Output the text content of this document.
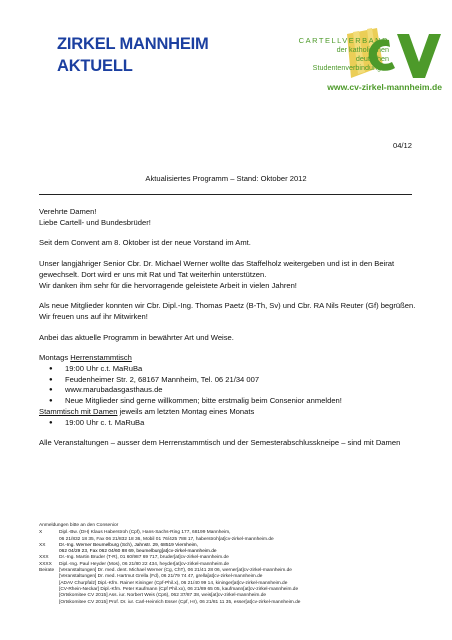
ZIRKEL MANNHEIM
AKTUELL
CARTELLVERBAND
der katholischen
deutschen
Studentenverbindungen
www.cv-zirkel-mannheim.de
04/12
Aktualisiertes Programm – Stand: Oktober 2012

Verehrte Damen!
Liebe Cartell- und Bundesbrüder!

Seit dem Convent am 8. Oktober ist der neue Vorstand im Amt.

Unser langjähriger Senior Cbr. Dr. Michael Werner wollte das Staffelholz weitergeben und ist in den Beirat gewechselt. Dort wird er uns mit Rat und Tat weiterhin unterstützen.
Wir danken ihm sehr für die hervorragende geleistete Arbeit in vielen Jahren!

Als neue Mitglieder konnten wir Cbr. Dipl.-Ing. Thomas Paetz (B-Th, Sv) und Cbr. RA Nils Reuter (Gf) begrüßen. Wir freuen uns auf ihr Mitwirken!

Anbei das aktuelle Programm in bewährter Art und Weise.

Montags Herrenstammtisch
● 19:00 Uhr c.t. MaRuBa
● Feudenheimer Str. 2, 68167 Mannheim, Tel. 06 21/34 007
● www.marubadasgasthaus.de
● Neue Mitglieder sind gerne willkommen; bitte erstmalig beim Consenior anmelden!
Stammtisch mit Damen jeweils am letzten Montag eines Monats
● 19:00 Uhr c. t. MaRuBa

Alle Veranstaltungen – ausser dem Herrenstammtisch und der Semesterabschlusskneipe – sind mit Damen

Anmeldungen bitte an den Consenior
X	Dipl.-Bw. (DH) Klaus Haberstroh (Cpf), Hans-Sachs-Ring 177, 68199 Mannheim,
06 21/832 18 35, Fax 06 21/832 18 36, Mobil 01 76/425 788 17, haberstroh[at]cv-zirkel-mannheim.de
XX	Dr.-Ing. Werner Beumelburg (Sch), Jahnstr. 29, 68519 Viernheim,
062 04/29 23, Fax 062 04/60 88 69, beumelburg[at]cv-zirkel-mannheim.de
XXX	Dr.-Ing. Martin Bruder (T-R), 01 60/987 69 717, bruder[at]cv-zirkel-mannheim.de
XXXX	Dipl.-Ing. Paul Heyder (Mos), 06 21/80 22 434, heyder[at]cv-zirkel-mannheim.de
Beirate [Veranstaltungen] Dr. med. dent. Michael Werner (Cg, ChT), 06 21/41 28 06, werner[at]cv-zirkel-mannheim.de
[Veranstaltungen] Dr. med. Hartmut Grella (Fd), 06 21/79 74 47, grella[at]cv-zirkel-mannheim.de
[ADAV Churpfalz] Dipl.-Kfm. Rainer Kininger (Cpf-Phil.x), 06 21/40 99 14, kininger[at]cv-zirkel-mannheim.de
[CV-Rhein-Neckar] Dipl.-Kfm. Peter Kaufmann (Cpf Phil.xx), 06 21/89 65 05, kaufmann[at]cv-zirkel-mannheim.de
[Ortskomitee CV 2015] Ass. iur. Norbert Weis (Cp6), 062 37/87 38, weis[at]cv-zirkel-mannheim.de
[Ortskomitee CV 2015] Prof. Dr. iur. Carl-Heinrich Esser (Cpf, Hr), 06 21/81 11 35, esser[at]cv-zirkel-mannheim.de
